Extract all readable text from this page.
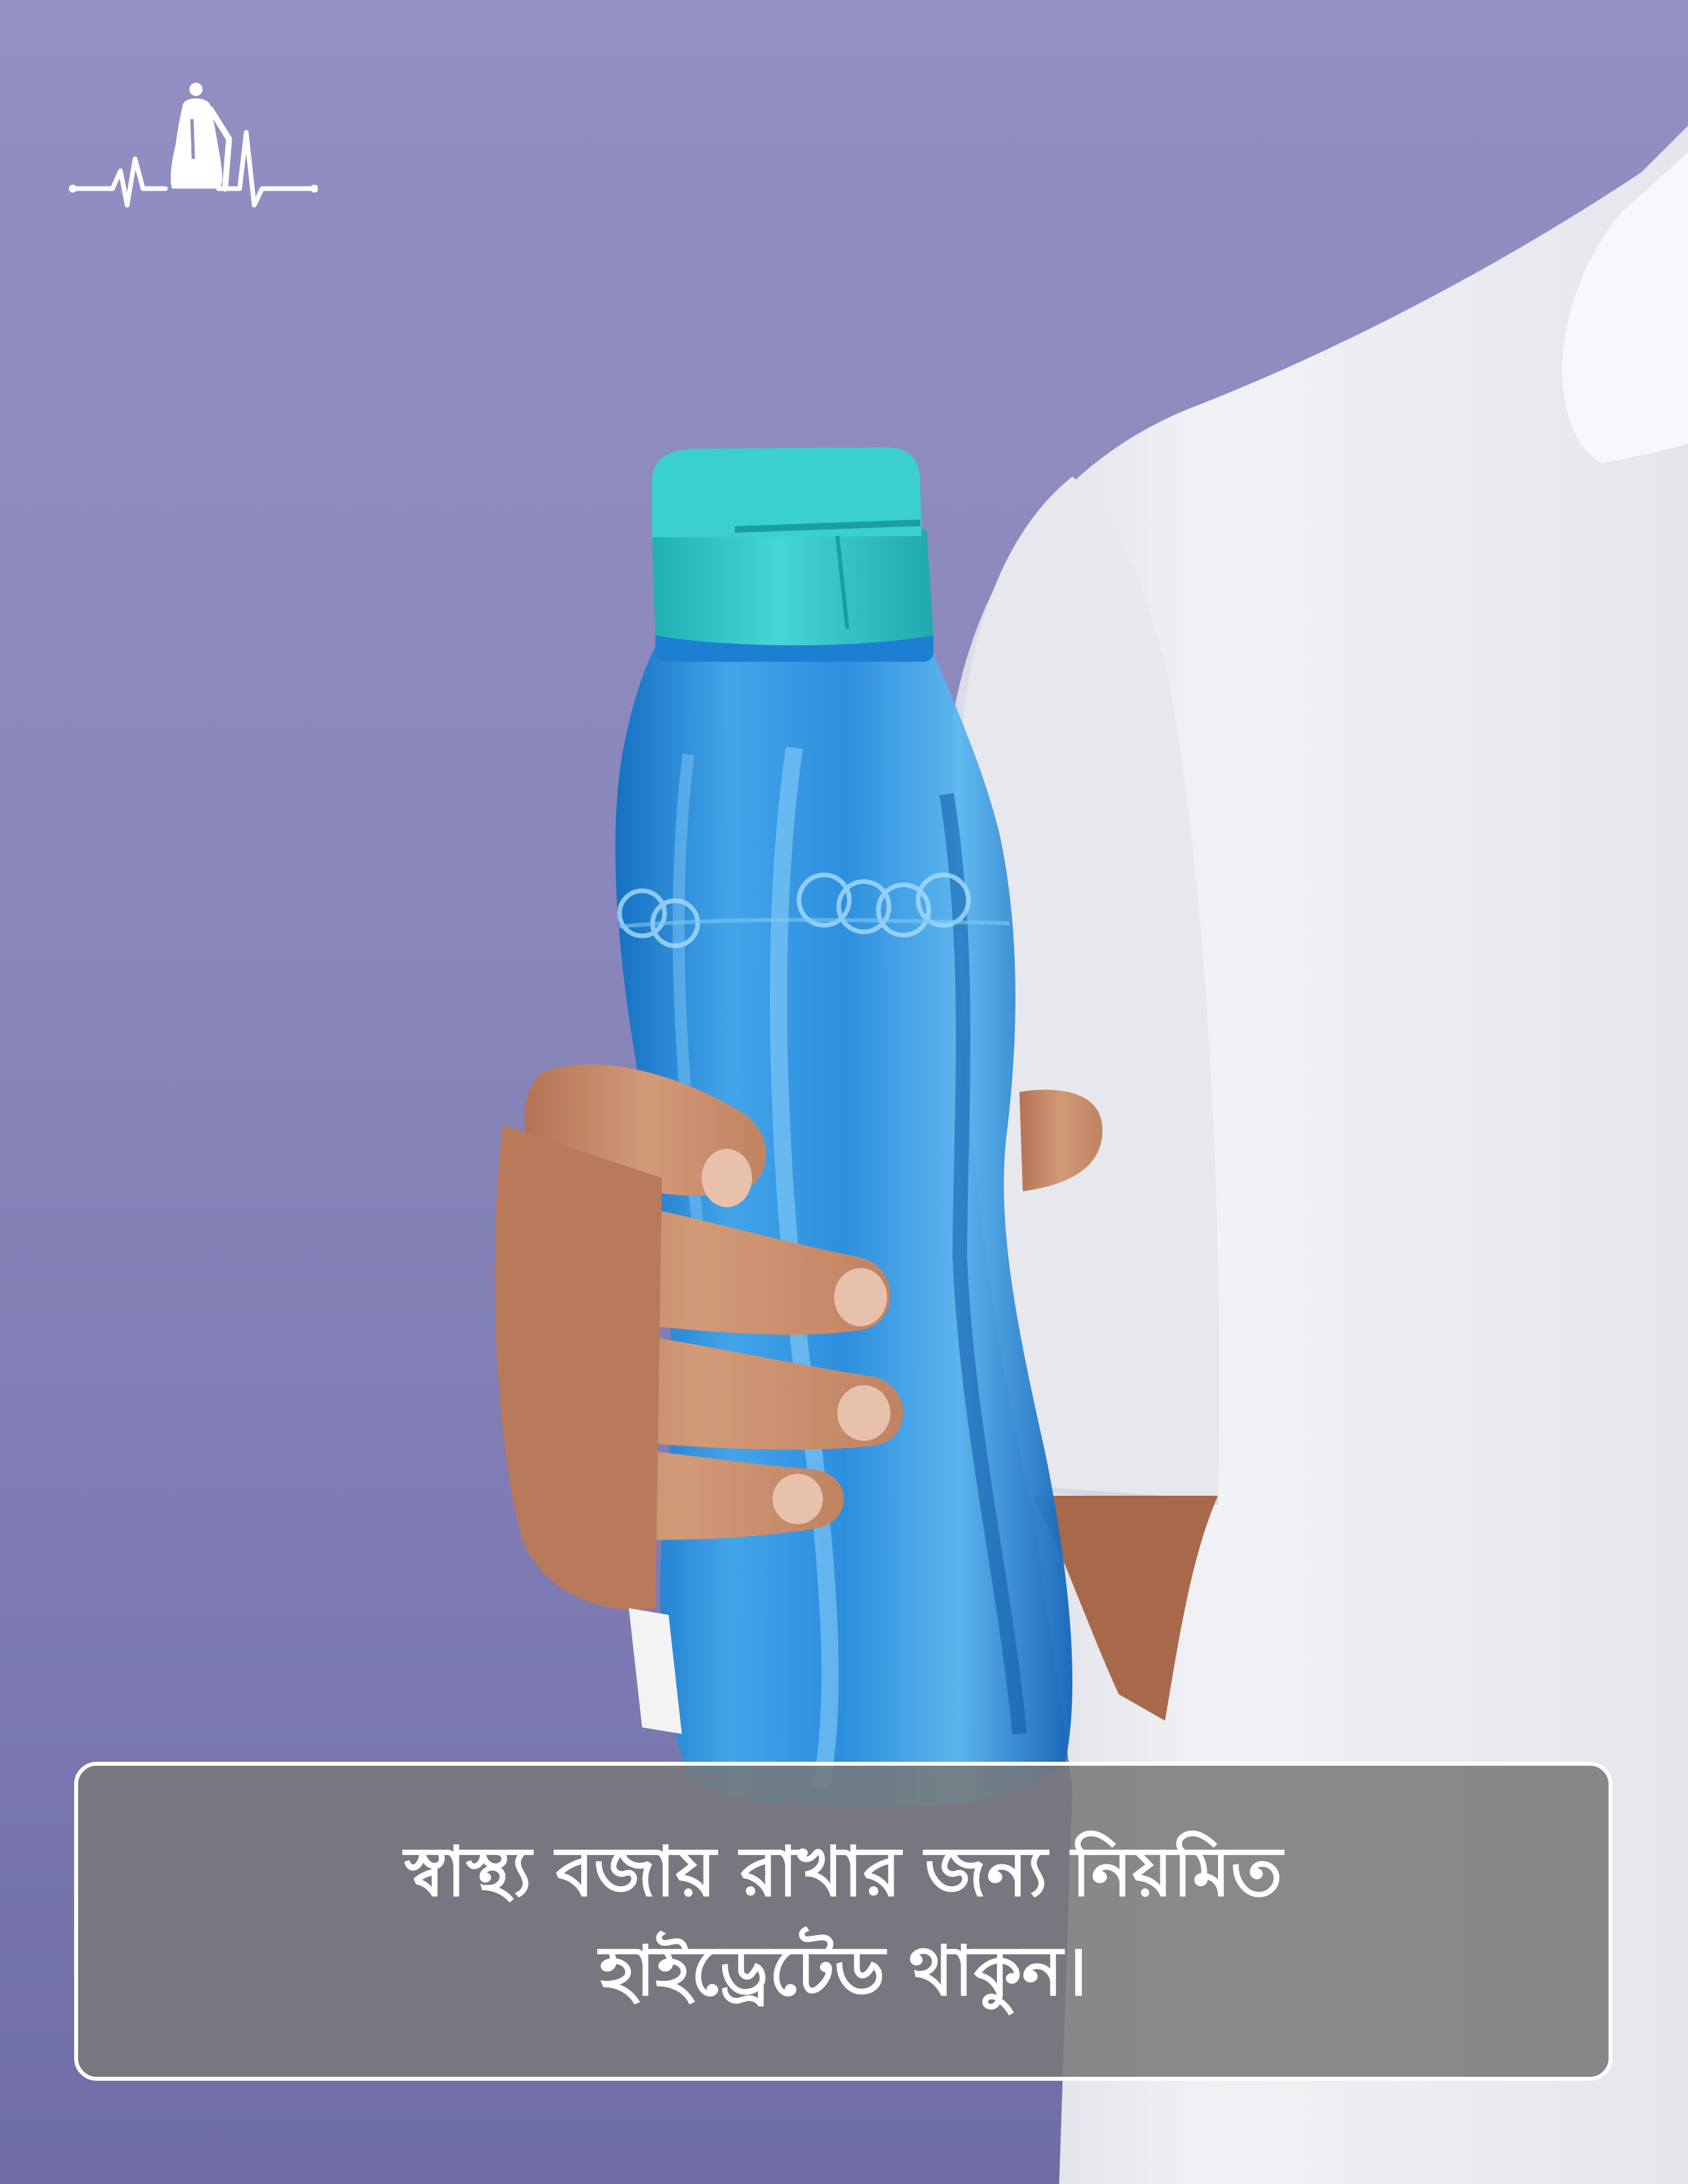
স্বাস্থ্য বজায় রাখার জন্য নিয়মিত
হাইড্রেটেড থাকুন।
